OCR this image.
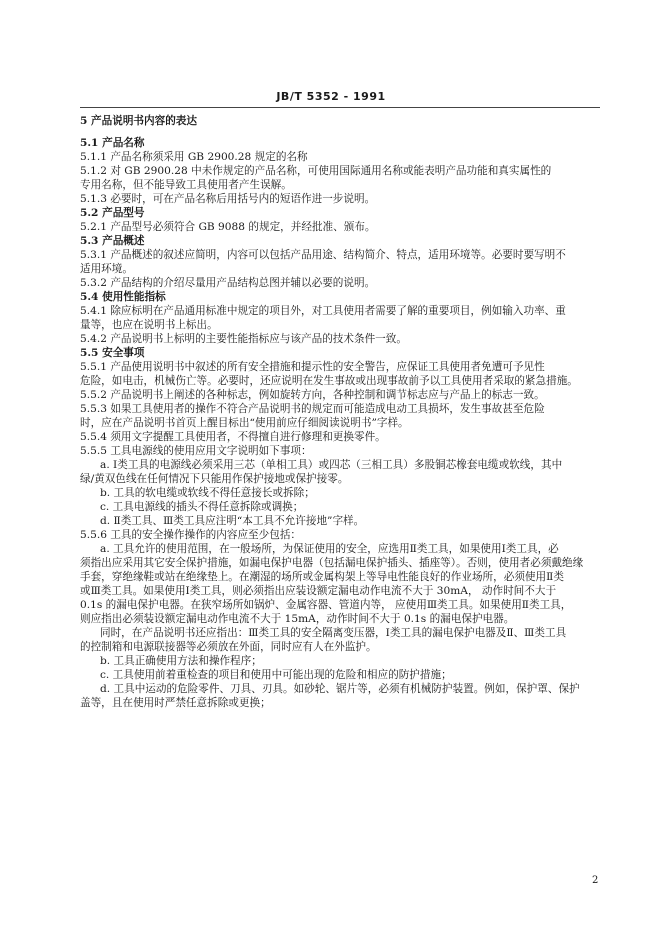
JB/T 5352 - 1991
5 产品说明书内容的表达
5.1 产品名称
5.1.1 产品名称须采用 GB 2900.28 规定的名称
5.1.2 对 GB 2900.28 中未作规定的产品名称，可使用国际通用名称或能表明产品功能和真实属性的
专用名称，但不能导致工具使用者产生误解。
5.1.3 必要时，可在产品名称后用括号内的短语作进一步说明。
5.2 产品型号
5.2.1 产品型号必须符合 GB 9088 的规定，并经批准、颁布。
5.3 产品概述
5.3.1 产品概述的叙述应简明，内容可以包括产品用途、结构简介、特点，适用环境等。必要时要写明不
适用环境。
5.3.2 产品结构的介绍尽量用产品结构总图并辅以必要的说明。
5.4 使用性能指标
5.4.1 除应标明在产品通用标准中规定的项目外，对工具使用者需要了解的重要项目，例如输入功率、重
量等，也应在说明书上标出。
5.4.2 产品说明书上标明的主要性能指标应与该产品的技术条件一致。
5.5 安全事项
5.5.1 产品使用说明书中叙述的所有安全措施和提示性的安全警告，应保证工具使用者免遭可予见性
危险，如电击，机械伤亡等。必要时，还应说明在发生事故或出现事故前予以工具使用者采取的紧急措施。
5.5.2 产品说明书上阐述的各种标志，例如旋转方向，各种控制和调节标志应与产品上的标志一致。
5.5.3 如果工具使用者的操作不符合产品说明书的规定而可能造成电动工具损坏，发生事故甚至危险
时，应在产品说明书首页上醒目标出“使用前应仔细阅读说明书”字样。
5.5.4 须用文字提醒工具使用者，不得擅自进行修理和更换零件。
5.5.5 工具电源线的使用应用文字说明如下事项：
a. Ⅰ类工具的电源线必须采用三芯（单相工具）或四芯（三相工具）多股铜芯橡套电缆或软线，其中
绿/黄双色线在任何情况下只能用作保护接地或保护接零。
b. 工具的软电缆或软线不得任意接长或拆除；
c. 工具电源线的插头不得任意拆除或调换；
d. Ⅱ类工具、Ⅲ类工具应注明“本工具不允许接地”字样。
5.5.6 工具的安全操作操作的内容应至少包括：
a. 工具允许的使用范围，在一般场所，为保证使用的安全，应选用Ⅱ类工具，如果使用Ⅰ类工具，必
须指出应采用其它安全保护措施，如漏电保护电器（包括漏电保护插头、插座等）。否则，使用者必须戴绝缘
手套，穿绝缘鞋或站在绝缘垫上。在潮湿的场所或金属构架上等导电性能良好的作业场所，必须使用Ⅱ类
或Ⅲ类工具。如果使用Ⅰ类工具，则必须指出应装设额定漏电动作电流不大于 30mA， 动作时间不大于
0.1s 的漏电保护电器。在狭窄场所如锅炉、金属容器、管道内等， 应使用Ⅲ类工具。如果使用Ⅱ类工具，
则应指出必须装设额定漏电动作电流不大于 15mA，动作时间不大于 0.1s 的漏电保护电器。
同时，在产品说明书还应指出：Ⅲ类工具的安全隔离变压器，Ⅰ类工具的漏电保护电器及Ⅱ、Ⅲ类工具
的控制箱和电源联接器等必须放在外面，同时应有人在外监护。
b. 工具正确使用方法和操作程序；
c. 工具使用前着重检查的项目和使用中可能出现的危险和相应的防护措施；
d. 工具中运动的危险零件、刀具、刃具。如砂轮、锯片等，必须有机械防护装置。例如，保护罩、保护
盖等，且在使用时严禁任意拆除或更换；
2
